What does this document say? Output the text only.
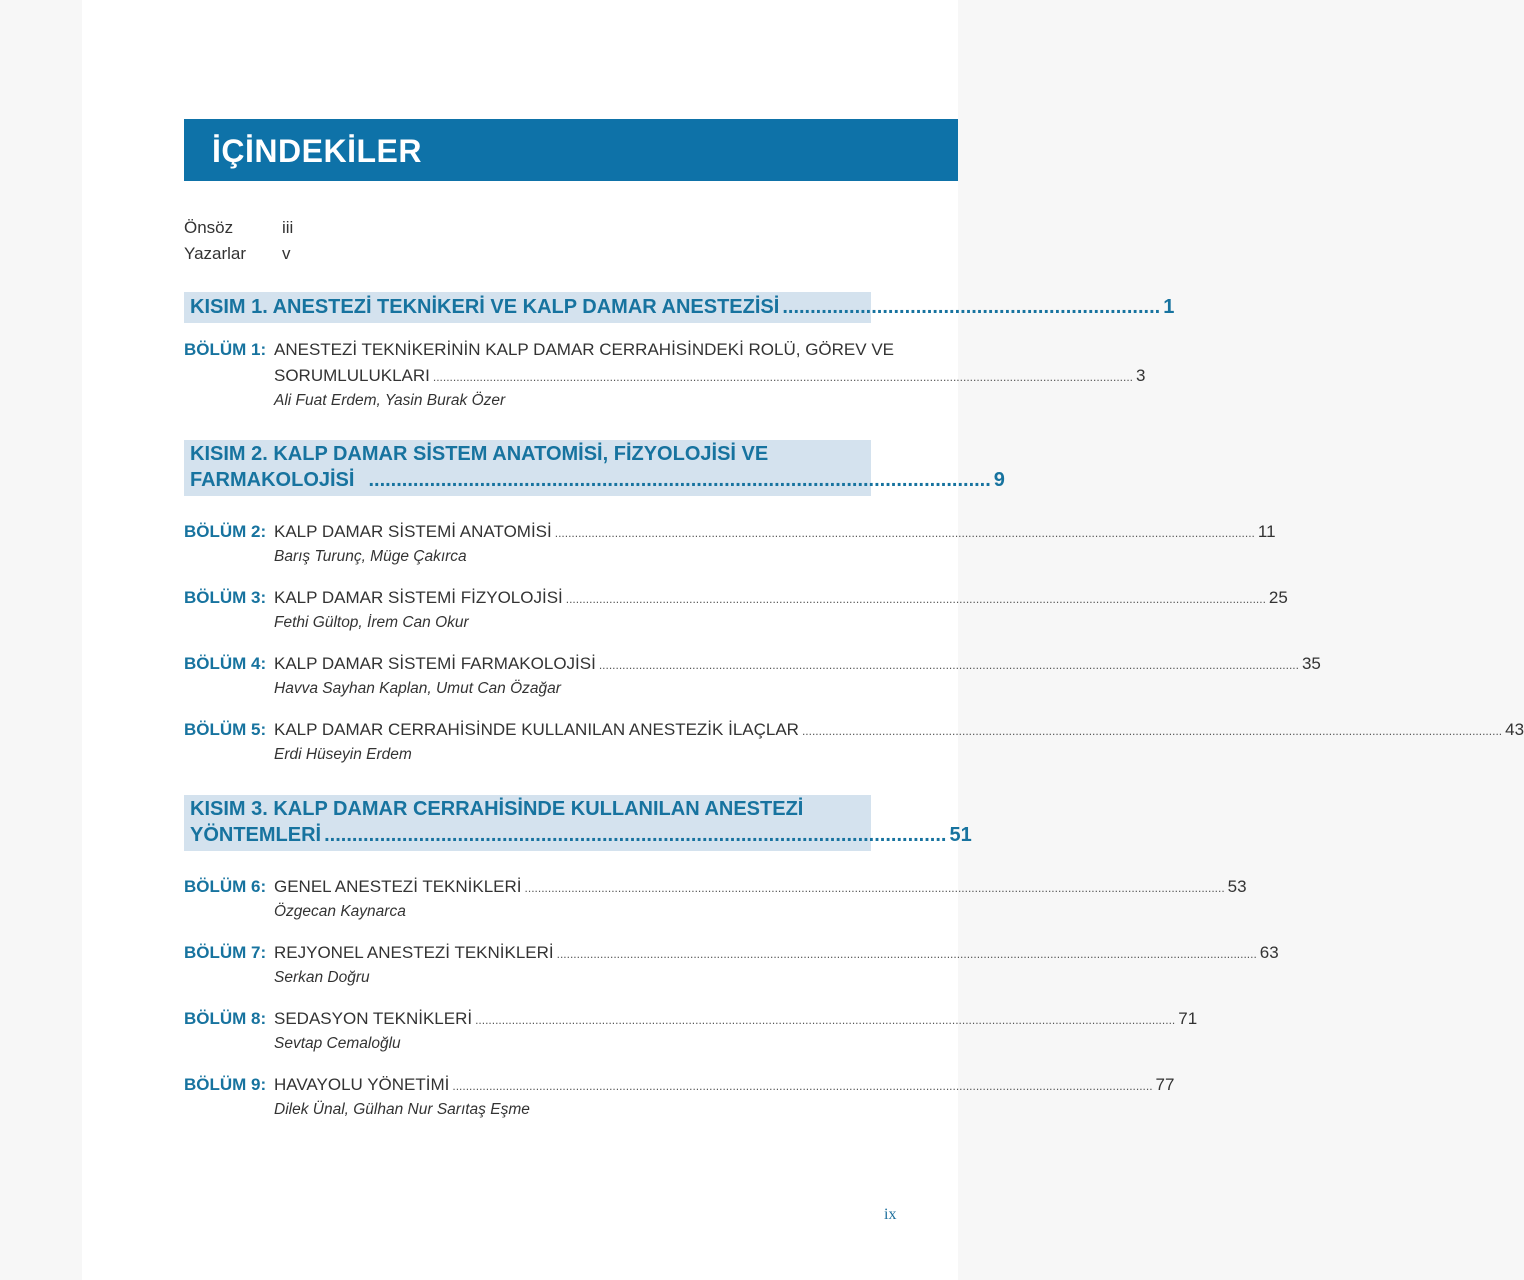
İÇİNDEKİLER
Önsöz	iii
Yazarlar v
KISIM 1. ANESTEZİ TEKNİKERİ VE KALP DAMAR ANESTEZİSİ .................................................................... 1
BÖLÜM 1: ANESTEZİ TEKNİKERİNİN KALP DAMAR CERRAHİSİNDEKİ ROLÜ, GÖREV VE
SORUMLULUKLARI .................................................................................................................................................................................................................. 3
Ali Fuat Erdem, Yasin Burak Özer
KISIM 2. KALP DAMAR SİSTEM ANATOMİSİ, FİZYOLOJİSİ VE
FARMAKOLOJİSİ ................................................................................................................ 9
BÖLÜM 2: KALP DAMAR SİSTEMİ ANATOMİSİ .................................................................................................................................................................................................................. 11
Barış Turunç, Müge Çakırca
BÖLÜM 3: KALP DAMAR SİSTEMİ FİZYOLOJİSİ .................................................................................................................................................................................................................. 25
Fethi Gültop, İrem Can Okur
BÖLÜM 4: KALP DAMAR SİSTEMİ FARMAKOLOJİSİ .................................................................................................................................................................................................................. 35
Havva Sayhan Kaplan, Umut Can Özağar
BÖLÜM 5: KALP DAMAR CERRAHİSİNDE KULLANILAN ANESTEZİK İLAÇLAR .................................................................................................................................................................................................................. 43
Erdi Hüseyin Erdem
KISIM 3. KALP DAMAR CERRAHİSİNDE KULLANILAN ANESTEZİ
YÖNTEMLERİ ................................................................................................................ 51
BÖLÜM 6: GENEL ANESTEZİ TEKNİKLERİ .................................................................................................................................................................................................................. 53
Özgecan Kaynarca
BÖLÜM 7: REJYONEL ANESTEZİ TEKNİKLERİ .................................................................................................................................................................................................................. 63
Serkan Doğru
BÖLÜM 8: SEDASYON TEKNİKLERİ .................................................................................................................................................................................................................. 71
Sevtap Cemaloğlu
BÖLÜM 9: HAVAYOLU YÖNETİMİ .................................................................................................................................................................................................................. 77
Dilek Ünal, Gülhan Nur Sarıtaş Eşme
ix
